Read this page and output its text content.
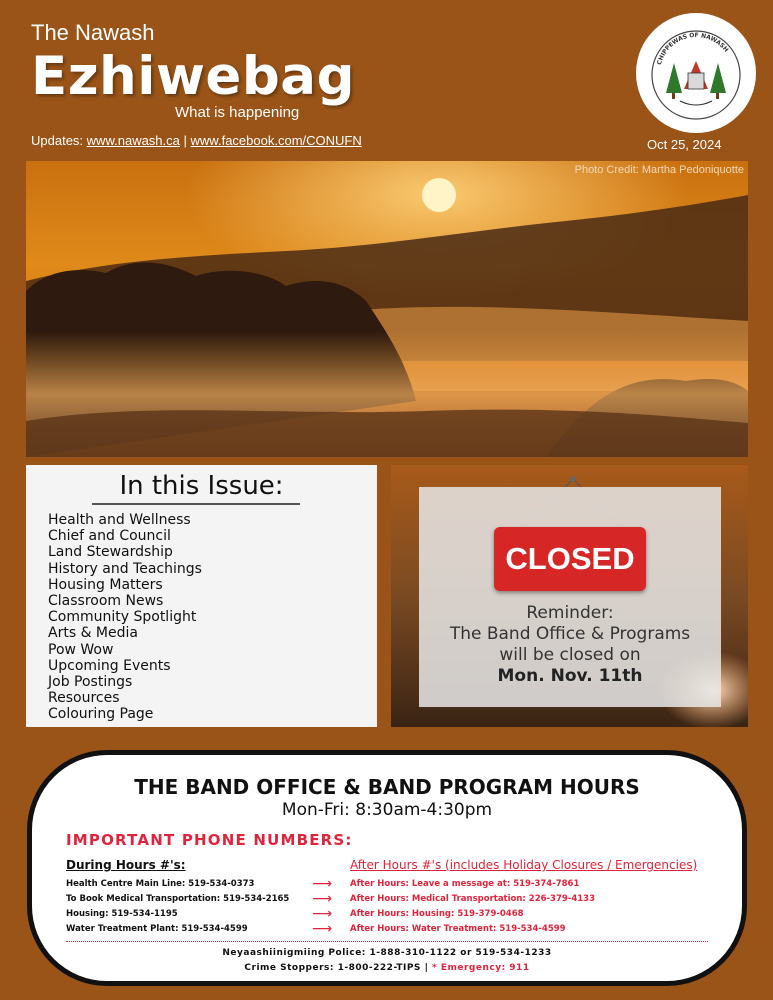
The Nawash
Ezhiwebag
What is happening
Updates: www.nawash.ca | www.facebook.com/CONUFN	Oct 25, 2024
CHIPPEWAS OF NAWASH
Photo Credit: Martha Pedoniquotte
In this Issue:
Health and Wellness
Chief and Council
Land Stewardship
History and Teachings
Housing Matters
Classroom News
Community Spotlight
Arts & Media
Pow Wow
Upcoming Events
Job Postings
Resources
Colouring Page
CLOSED
Reminder:
The Band Office & Programs
will be closed on
Mon. Nov. 11th
THE BAND OFFICE & BAND PROGRAM HOURS
Mon-Fri: 8:30am-4:30pm
IMPORTANT PHONE NUMBERS:
During Hours #'s:	After Hours #'s (includes Holiday Closures / Emergencies)
Health Centre Main Line: 519-534-0373	⟶ After Hours: Leave a message at: 519-374-7861
To Book Medical Transportation: 519-534-2165 ⟶ After Hours: Medical Transportation: 226-379-4133
Housing: 519-534-1195	⟶ After Hours: Housing: 519-379-0468
Water Treatment Plant: 519-534-4599	⟶ After Hours: Water Treatment: 519-534-4599
Neyaashiinigmiing Police: 1-888-310-1122 or 519-534-1233
Crime Stoppers: 1-800-222-TIPS | * Emergency: 911
